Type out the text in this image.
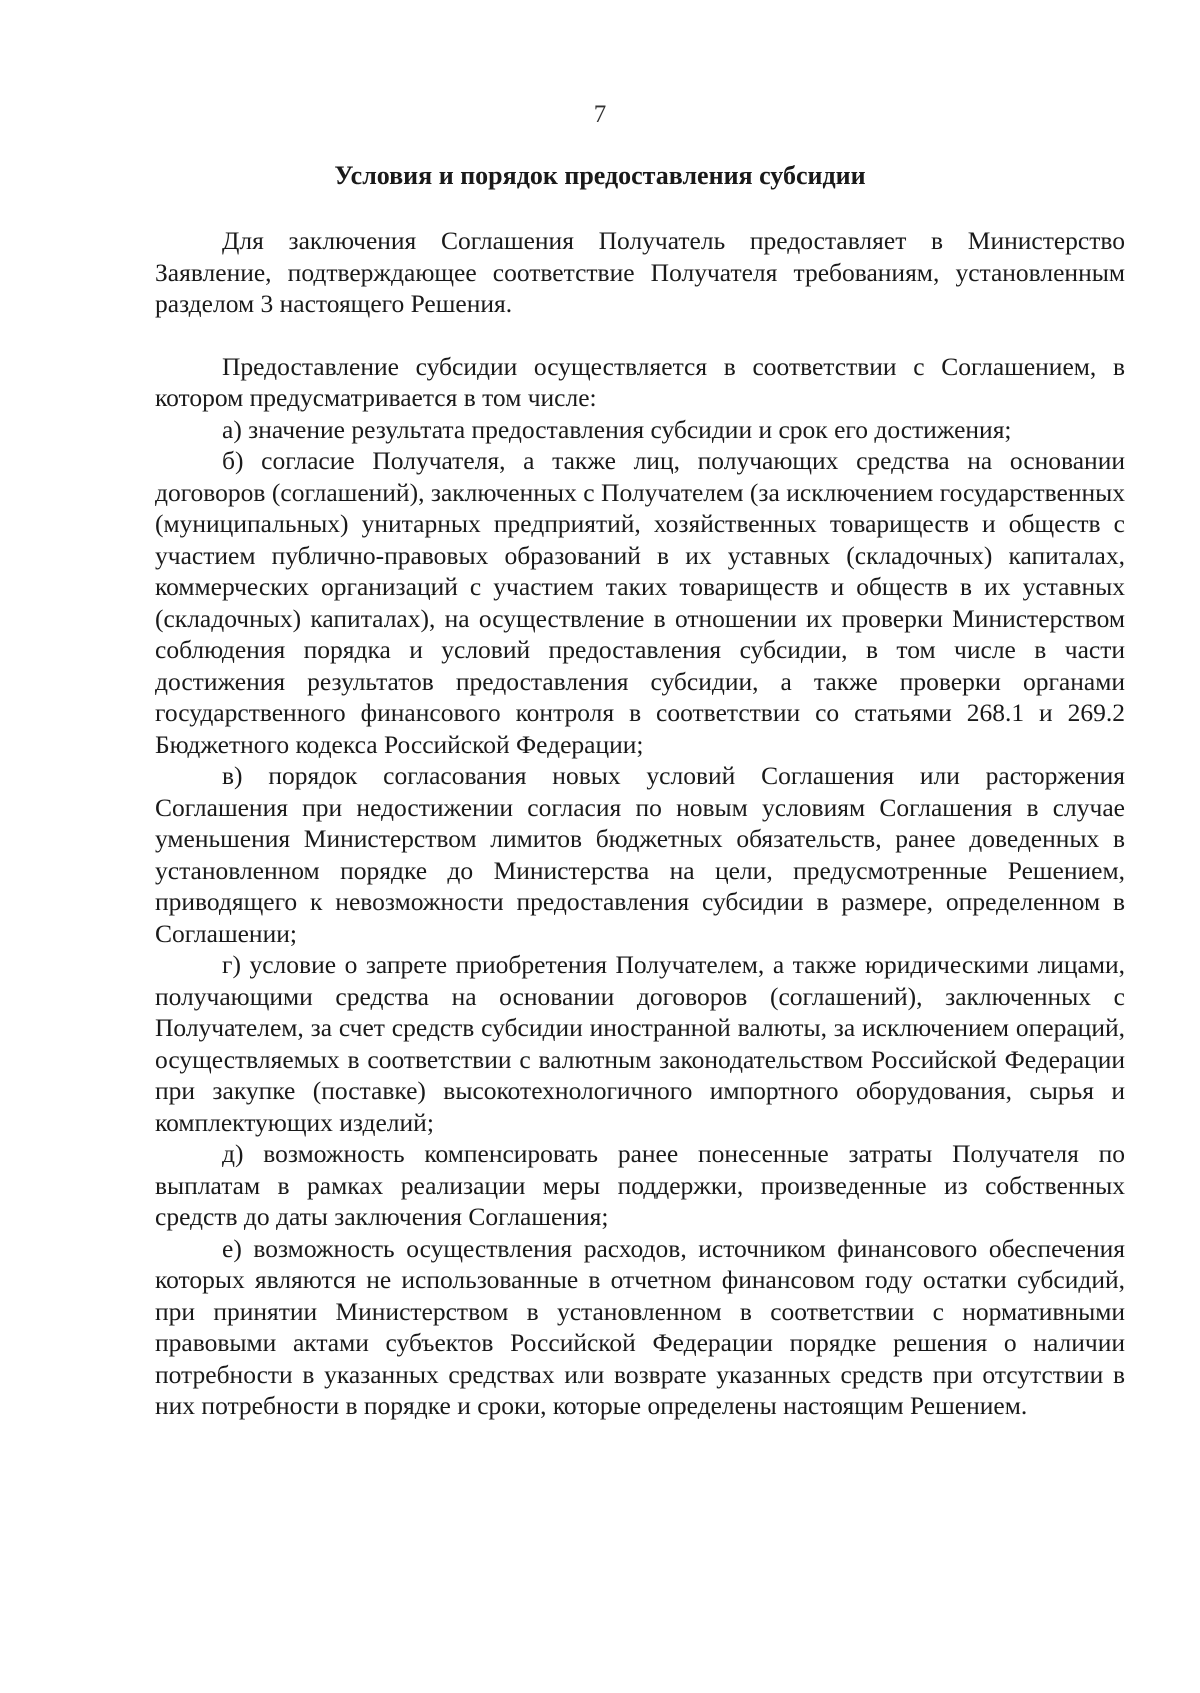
7
Условия и порядок предоставления субсидии

Для заключения Соглашения Получатель предоставляет в Министерство Заявление, подтверждающее соответствие Получателя требованиям, установленным разделом 3 настоящего Решения.

Предоставление субсидии осуществляется в соответствии с Соглашением, в котором предусматривается в том числе:

а) значение результата предоставления субсидии и срок его достижения;

б) согласие Получателя, а также лиц, получающих средства на основании договоров (соглашений), заключенных с Получателем (за исключением государственных (муниципальных) унитарных предприятий, хозяйственных товариществ и обществ с участием публично-правовых образований в их уставных (складочных) капиталах, коммерческих организаций с участием таких товариществ и обществ в их уставных (складочных) капиталах), на осуществление в отношении их проверки Министерством соблюдения порядка и условий предоставления субсидии, в том числе в части достижения результатов предоставления субсидии, а также проверки органами государственного финансового контроля в соответствии со статьями 268.1 и 269.2 Бюджетного кодекса Российской Федерации;

в) порядок согласования новых условий Соглашения или расторжения Соглашения при недостижении согласия по новым условиям Соглашения в случае уменьшения Министерством лимитов бюджетных обязательств, ранее доведенных в установленном порядке до Министерства на цели, предусмотренные Решением, приводящего к невозможности предоставления субсидии в размере, определенном в Соглашении;

г) условие о запрете приобретения Получателем, а также юридическими лицами, получающими средства на основании договоров (соглашений), заключенных с Получателем, за счет средств субсидии иностранной валюты, за исключением операций, осуществляемых в соответствии с валютным законодательством Российской Федерации при закупке (поставке) высокотехнологичного импортного оборудования, сырья и комплектующих изделий;

д) возможность компенсировать ранее понесенные затраты Получателя по выплатам в рамках реализации меры поддержки, произведенные из собственных средств до даты заключения Соглашения;

е) возможность осуществления расходов, источником финансового обеспечения которых являются не использованные в отчетном финансовом году остатки субсидий, при принятии Министерством в установленном в соответствии с нормативными правовыми актами субъектов Российской Федерации порядке решения о наличии потребности в указанных средствах или возврате указанных средств при отсутствии в них потребности в порядке и сроки, которые определены настоящим Решением.
